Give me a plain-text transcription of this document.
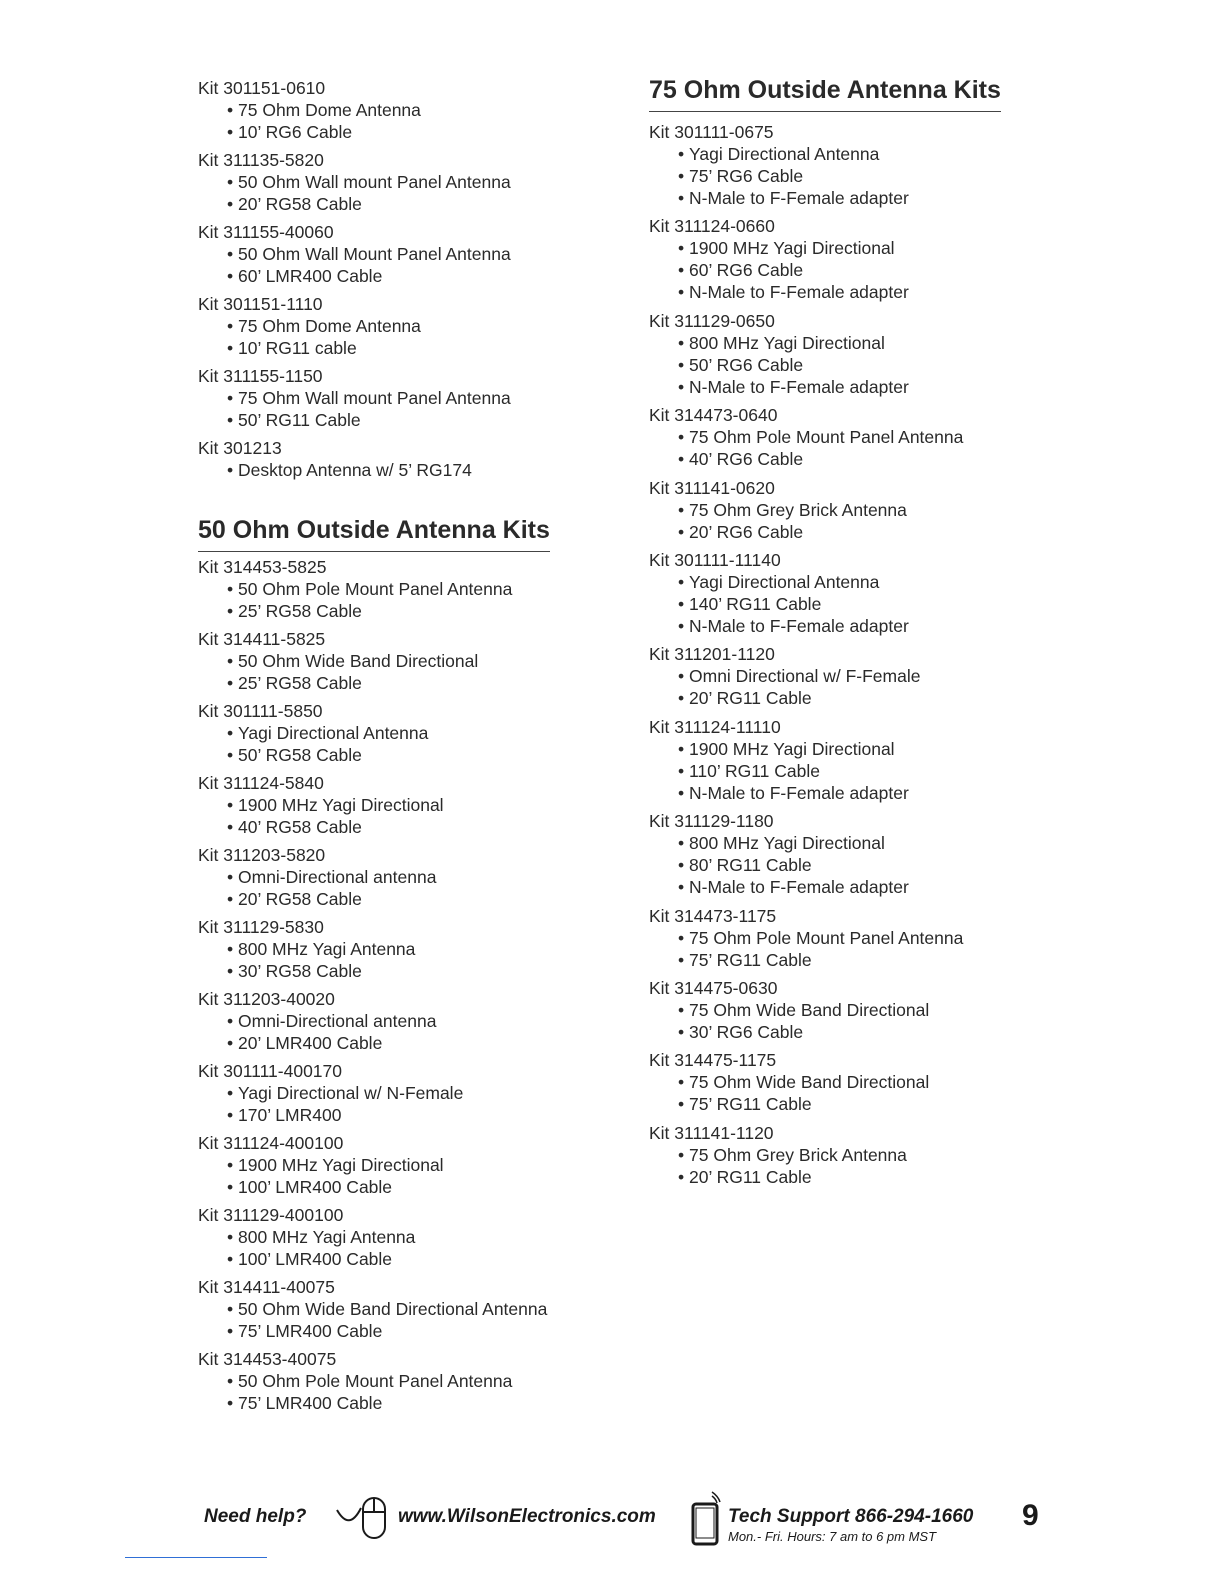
Kit 301151-0610
• 75 Ohm Dome Antenna
• 10’ RG6 Cable
Kit 311135-5820
• 50 Ohm Wall mount Panel Antenna
• 20’ RG58 Cable
Kit 311155-40060
• 50 Ohm Wall Mount Panel Antenna
• 60’ LMR400 Cable
Kit 301151-1110
• 75 Ohm Dome Antenna
• 10’ RG11 cable
Kit 311155-1150
• 75 Ohm Wall mount Panel Antenna
• 50’ RG11 Cable
Kit 301213
• Desktop Antenna w/ 5’ RG174
50 Ohm Outside Antenna Kits
Kit 314453-5825
• 50 Ohm Pole Mount Panel Antenna
• 25’ RG58 Cable
Kit 314411-5825
• 50 Ohm Wide Band Directional
• 25’ RG58 Cable
Kit 301111-5850
• Yagi Directional Antenna
• 50’ RG58 Cable
Kit 311124-5840
• 1900 MHz Yagi Directional
• 40’ RG58 Cable
Kit 311203-5820
• Omni-Directional antenna
• 20’ RG58 Cable
Kit 311129-5830
• 800 MHz Yagi Antenna
• 30’ RG58 Cable
Kit 311203-40020
• Omni-Directional antenna
• 20’ LMR400 Cable
Kit 301111-400170
• Yagi Directional w/ N-Female
• 170’ LMR400
Kit 311124-400100
• 1900 MHz Yagi Directional
• 100’ LMR400 Cable
Kit 311129-400100
• 800 MHz Yagi Antenna
• 100’ LMR400 Cable
Kit 314411-40075
• 50 Ohm Wide Band Directional Antenna
• 75’ LMR400 Cable
Kit 314453-40075
• 50 Ohm Pole Mount Panel Antenna
• 75’ LMR400 Cable
75 Ohm Outside Antenna Kits
Kit 301111-0675
• Yagi Directional Antenna
• 75’ RG6 Cable
• N-Male to F-Female adapter
Kit 311124-0660
• 1900 MHz Yagi Directional
• 60’ RG6 Cable
• N-Male to F-Female adapter
Kit 311129-0650
• 800 MHz Yagi Directional
• 50’ RG6 Cable
• N-Male to F-Female adapter
Kit 314473-0640
• 75 Ohm Pole Mount Panel Antenna
• 40’ RG6 Cable
Kit 311141-0620
• 75 Ohm Grey Brick Antenna
• 20’ RG6 Cable
Kit 301111-11140
• Yagi Directional Antenna
• 140’ RG11 Cable
• N-Male to F-Female adapter
Kit 311201-1120
• Omni Directional w/ F-Female
• 20’ RG11 Cable
Kit 311124-11110
• 1900 MHz Yagi Directional
• 110’ RG11 Cable
• N-Male to F-Female adapter
Kit 311129-1180
• 800 MHz Yagi Directional
• 80’ RG11 Cable
• N-Male to F-Female adapter
Kit 314473-1175
• 75 Ohm Pole Mount Panel Antenna
• 75’ RG11 Cable
Kit 314475-0630
• 75 Ohm Wide Band Directional
• 30’ RG6 Cable
Kit 314475-1175
• 75 Ohm Wide Band Directional
• 75’ RG11 Cable
Kit 311141-1120
• 75 Ohm Grey Brick Antenna
• 20’ RG11 Cable
Need help?	www.WilsonElectronics.com	Tech Support 866-294-1660
Mon.- Fri. Hours: 7 am to 6 pm MST
9
